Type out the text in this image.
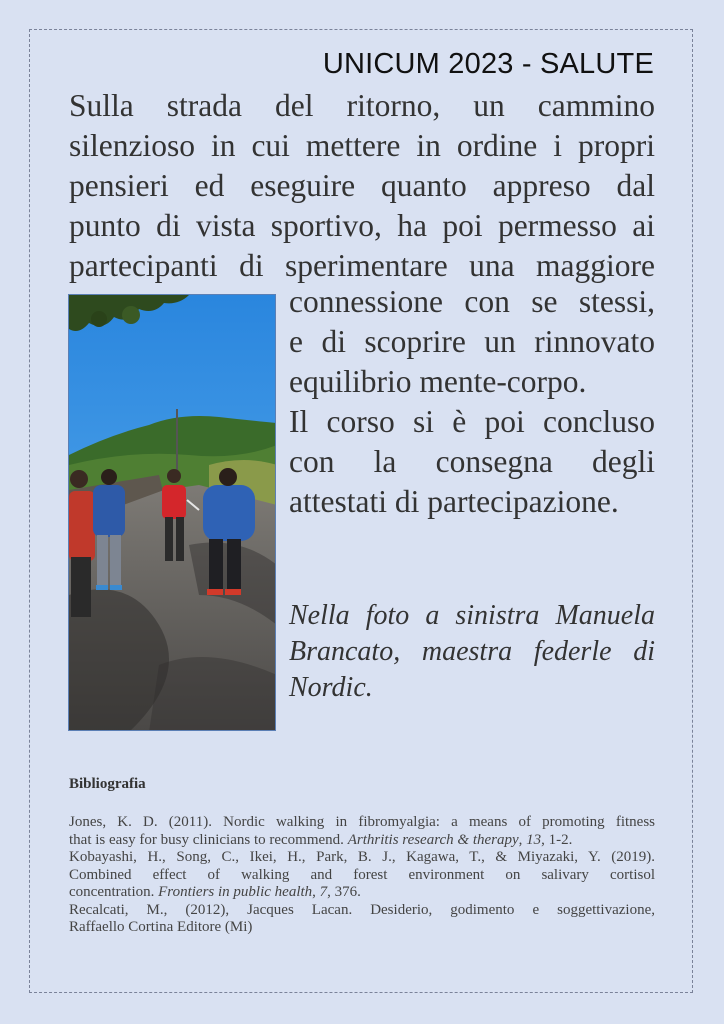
UNICUM 2023 - SALUTE

Sulla strada del ritorno, un cammino
silenzioso in cui mettere in ordine i propri
pensieri ed eseguire quanto appreso dal
punto di vista sportivo, ha poi permesso ai
partecipanti di sperimentare una maggiore

connessione con se stessi,
e di scoprire un rinnovato
equilibrio mente-corpo.
Il corso si è poi concluso
con la consegna degli
attestati di partecipazione.

Nella foto a sinistra Manuela
Brancato, maestra federle di
Nordic.

Bibliografia
Jones, K. D. (2011). Nordic walking in fibromyalgia: a means of promoting fitness
that is easy for busy clinicians to recommend. Arthritis research & therapy, 13, 1-2.
Kobayashi, H., Song, C., Ikei, H., Park, B. J., Kagawa, T., & Miyazaki, Y. (2019).
Combined effect of walking and forest environment on salivary cortisol
concentration. Frontiers in public health, 7, 376.
Recalcati, M., (2012), Jacques Lacan. Desiderio, godimento e soggettivazione,
Raffaello Cortina Editore (Mi)
